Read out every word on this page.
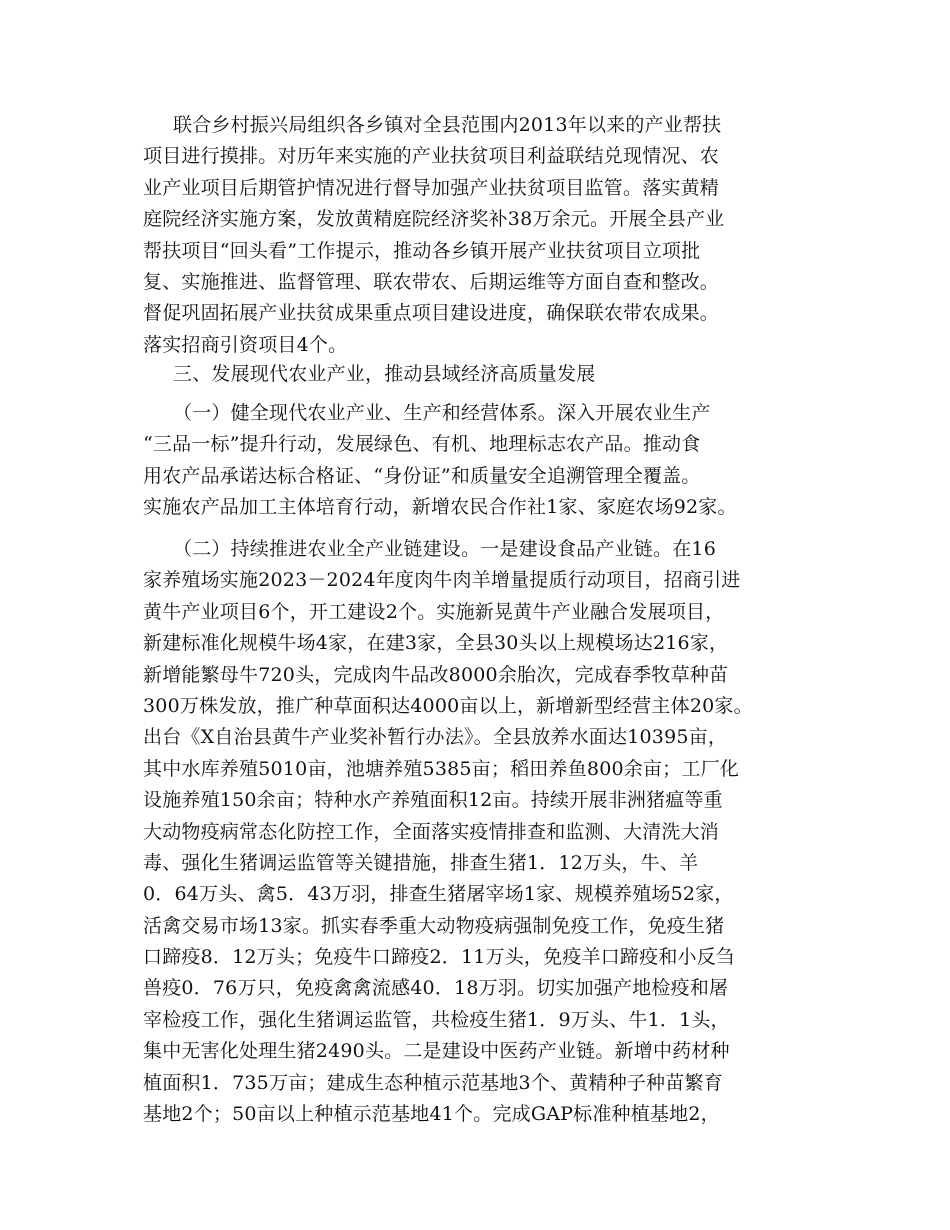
联合乡村振兴局组织各乡镇对全县范围内2013年以来的产业帮扶
项目进行摸排。对历年来实施的产业扶贫项目利益联结兑现情况、农
业产业项目后期管护情况进行督导加强产业扶贫项目监管。落实黄精
庭院经济实施方案，发放黄精庭院经济奖补38万余元。开展全县产业
帮扶项目“回头看”工作提示，推动各乡镇开展产业扶贫项目立项批
复、实施推进、监督管理、联农带农、后期运维等方面自查和整改。
督促巩固拓展产业扶贫成果重点项目建设进度，确保联农带农成果。
落实招商引资项目4个。
三、发展现代农业产业，推动县域经济高质量发展
（一）健全现代农业产业、生产和经营体系。深入开展农业生产
“三品一标”提升行动，发展绿色、有机、地理标志农产品。推动食
用农产品承诺达标合格证、“身份证”和质量安全追溯管理全覆盖。
实施农产品加工主体培育行动，新增农民合作社1家、家庭农场92家。
（二）持续推进农业全产业链建设。一是建设食品产业链。在16
家养殖场实施2023－2024年度肉牛肉羊增量提质行动项目，招商引进
黄牛产业项目6个，开工建设2个。实施新晃黄牛产业融合发展项目，
新建标准化规模牛场4家，在建3家，全县30头以上规模场达216家，
新增能繁母牛720头，完成肉牛品改8000余胎次，完成春季牧草种苗
300万株发放，推广种草面积达4000亩以上，新增新型经营主体20家。
出台《X自治县黄牛产业奖补暂行办法》。全县放养水面达10395亩，
其中水库养殖5010亩，池塘养殖5385亩；稻田养鱼800余亩；工厂化
设施养殖150余亩；特种水产养殖面积12亩。持续开展非洲猪瘟等重
大动物疫病常态化防控工作，全面落实疫情排查和监测、大清洗大消
毒、强化生猪调运监管等关键措施，排查生猪1．12万头，牛、羊
0．64万头、禽5．43万羽，排查生猪屠宰场1家、规模养殖场52家，
活禽交易市场13家。抓实春季重大动物疫病强制免疫工作，免疫生猪
口蹄疫8．12万头；免疫牛口蹄疫2．11万头，免疫羊口蹄疫和小反刍
兽疫0．76万只，免疫禽禽流感40．18万羽。切实加强产地检疫和屠
宰检疫工作，强化生猪调运监管，共检疫生猪1．9万头、牛1．1头，
集中无害化处理生猪2490头。二是建设中医药产业链。新增中药材种
植面积1．735万亩；建成生态种植示范基地3个、黄精种子种苗繁育
基地2个；50亩以上种植示范基地41个。完成GAP标准种植基地2，
